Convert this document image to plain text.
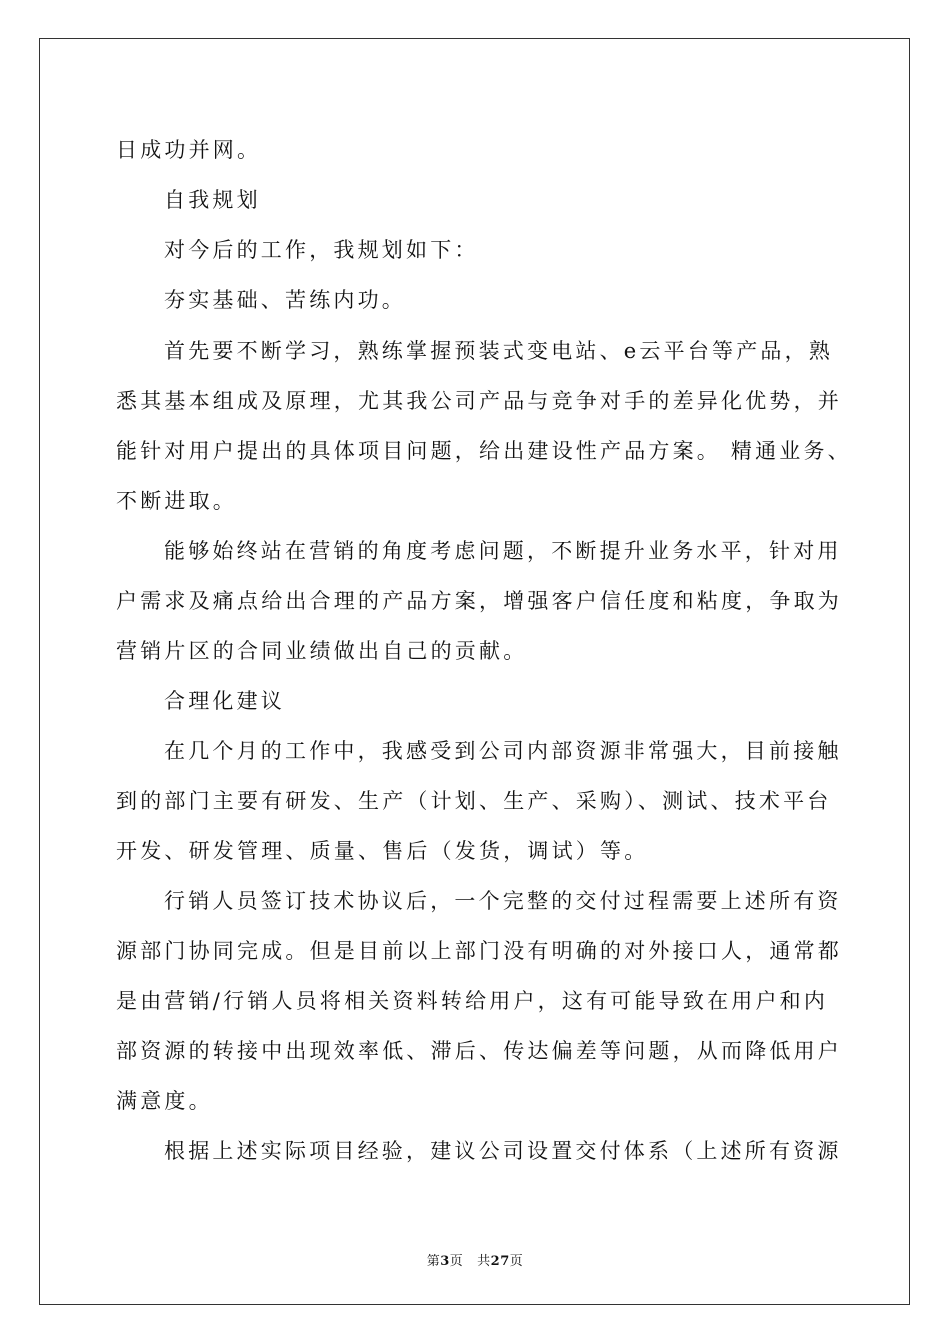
日成功并网。
自我规划
对今后的工作，我规划如下：
夯实基础、苦练内功。
首先要不断学习，熟练掌握预装式变电站、e云平台等产品，熟
悉其基本组成及原理，尤其我公司产品与竞争对手的差异化优势，并
能针对用户提出的具体项目问题，给出建设性产品方案。 精通业务、
不断进取。
能够始终站在营销的角度考虑问题，不断提升业务水平，针对用
户需求及痛点给出合理的产品方案，增强客户信任度和粘度，争取为
营销片区的合同业绩做出自己的贡献。
合理化建议
在几个月的工作中，我感受到公司内部资源非常强大，目前接触
到的部门主要有研发、生产（计划、生产、采购）、测试、技术平台
开发、研发管理、质量、售后（发货，调试）等。
行销人员签订技术协议后，一个完整的交付过程需要上述所有资
源部门协同完成。但是目前以上部门没有明确的对外接口人，通常都
是由营销/行销人员将相关资料转给用户，这有可能导致在用户和内
部资源的转接中出现效率低、滞后、传达偏差等问题，从而降低用户
满意度。
根据上述实际项目经验，建议公司设置交付体系（上述所有资源
第3页   共27页
